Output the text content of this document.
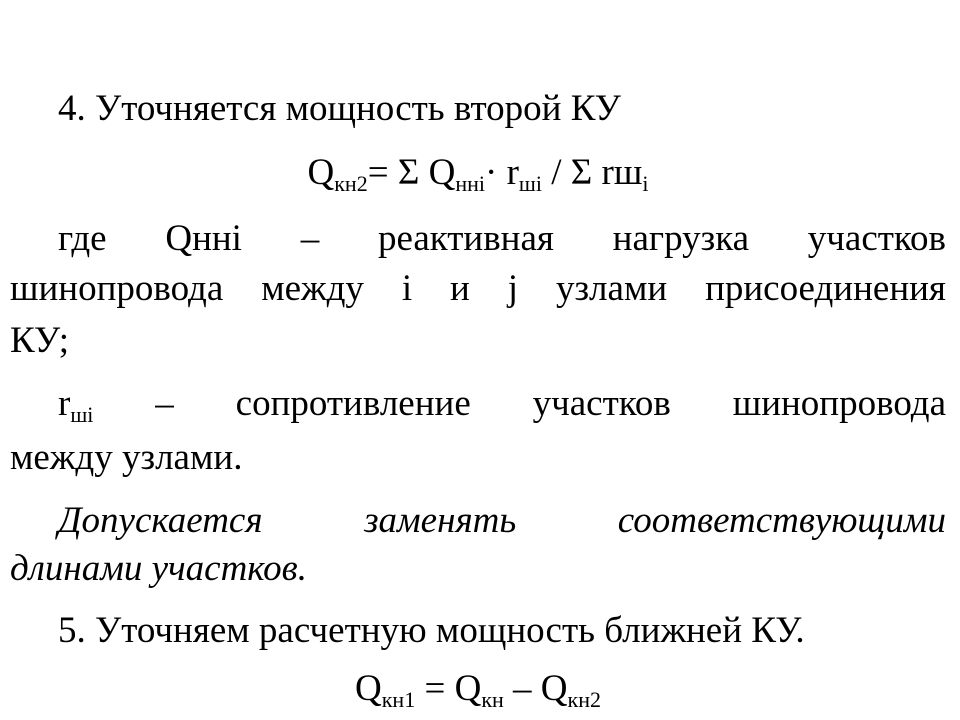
4. Уточняется мощность второй КУ
$Q_{кн2}= \Sigma$ $Q_{ннi}\cdot r_{шi} / \Sigma$ $rш_i$
где Qннi – реактивная нагрузка участков
шинопровода между i и j узлами присоединения
КУ;
$r_{шi}$ – сопротивление участков шинопровода
между узлами.
Допускается	заменять	соответствующими
длинами участков.
5. Уточняем расчетную мощность ближней КУ.
$Q_{кн1} = Q_{кн} - Q_{кн2}$
